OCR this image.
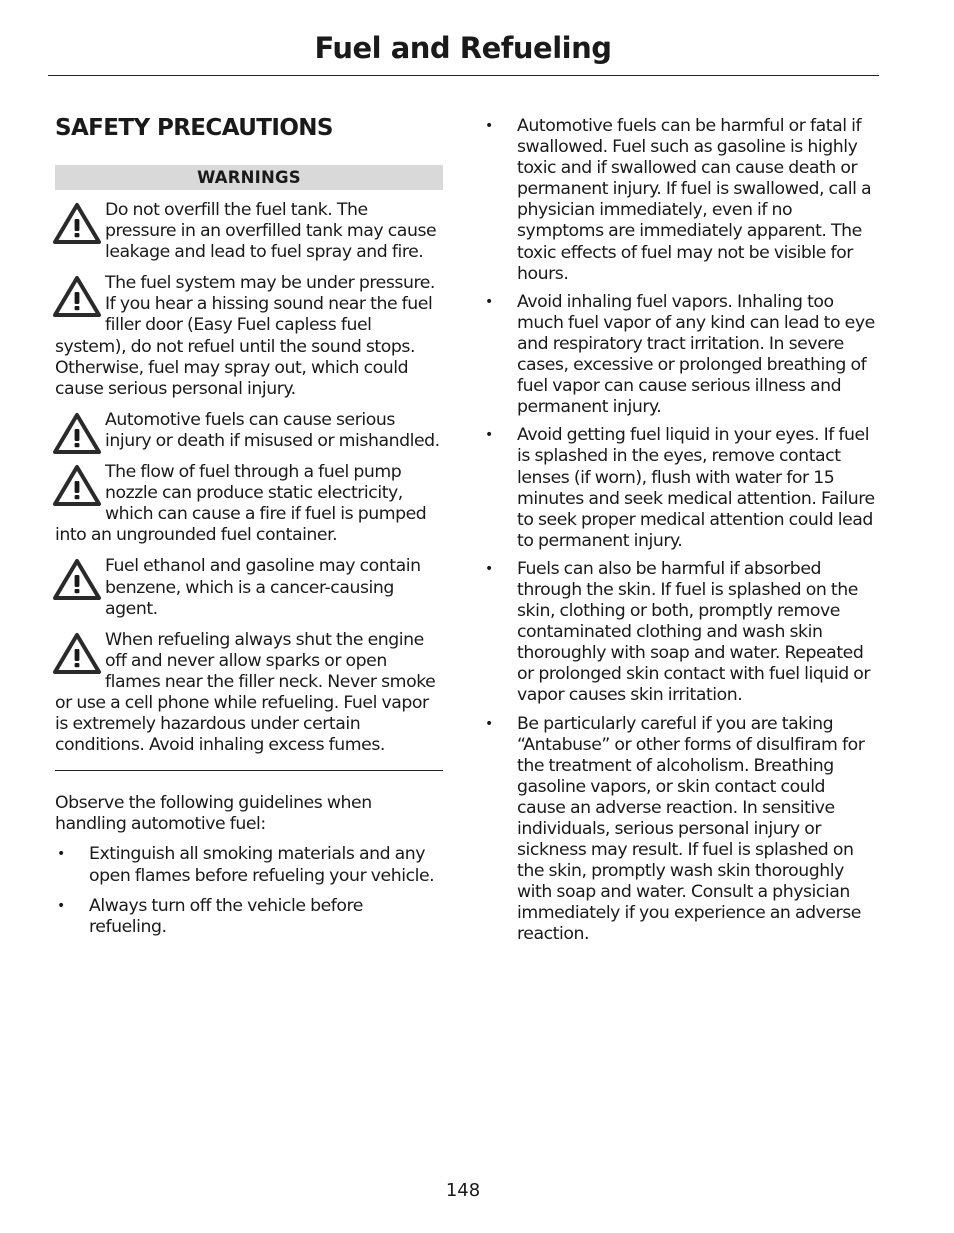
Fuel and Refueling
SAFETY PRECAUTIONS
WARNINGS
Do not overfill the fuel tank. The pressure in an overfilled tank may cause leakage and lead to fuel spray and fire.
The fuel system may be under pressure. If you hear a hissing sound near the fuel filler door (Easy Fuel capless fuel system), do not refuel until the sound stops. Otherwise, fuel may spray out, which could cause serious personal injury.
Automotive fuels can cause serious injury or death if misused or mishandled.
The flow of fuel through a fuel pump nozzle can produce static electricity, which can cause a fire if fuel is pumped into an ungrounded fuel container.
Fuel ethanol and gasoline may contain benzene, which is a cancer-causing agent.
When refueling always shut the engine off and never allow sparks or open flames near the filler neck. Never smoke or use a cell phone while refueling. Fuel vapor is extremely hazardous under certain conditions. Avoid inhaling excess fumes.
Observe the following guidelines when handling automotive fuel:
• Extinguish all smoking materials and any open flames before refueling your vehicle.
• Always turn off the vehicle before refueling.
• Automotive fuels can be harmful or fatal if swallowed. Fuel such as gasoline is highly toxic and if swallowed can cause death or permanent injury. If fuel is swallowed, call a physician immediately, even if no symptoms are immediately apparent. The toxic effects of fuel may not be visible for hours.
• Avoid inhaling fuel vapors. Inhaling too much fuel vapor of any kind can lead to eye and respiratory tract irritation. In severe cases, excessive or prolonged breathing of fuel vapor can cause serious illness and permanent injury.
• Avoid getting fuel liquid in your eyes. If fuel is splashed in the eyes, remove contact lenses (if worn), flush with water for 15 minutes and seek medical attention. Failure to seek proper medical attention could lead to permanent injury.
• Fuels can also be harmful if absorbed through the skin. If fuel is splashed on the skin, clothing or both, promptly remove contaminated clothing and wash skin thoroughly with soap and water. Repeated or prolonged skin contact with fuel liquid or vapor causes skin irritation.
• Be particularly careful if you are taking “Antabuse” or other forms of disulfiram for the treatment of alcoholism. Breathing gasoline vapors, or skin contact could cause an adverse reaction. In sensitive individuals, serious personal injury or sickness may result. If fuel is splashed on the skin, promptly wash skin thoroughly with soap and water. Consult a physician immediately if you experience an adverse reaction.
148
